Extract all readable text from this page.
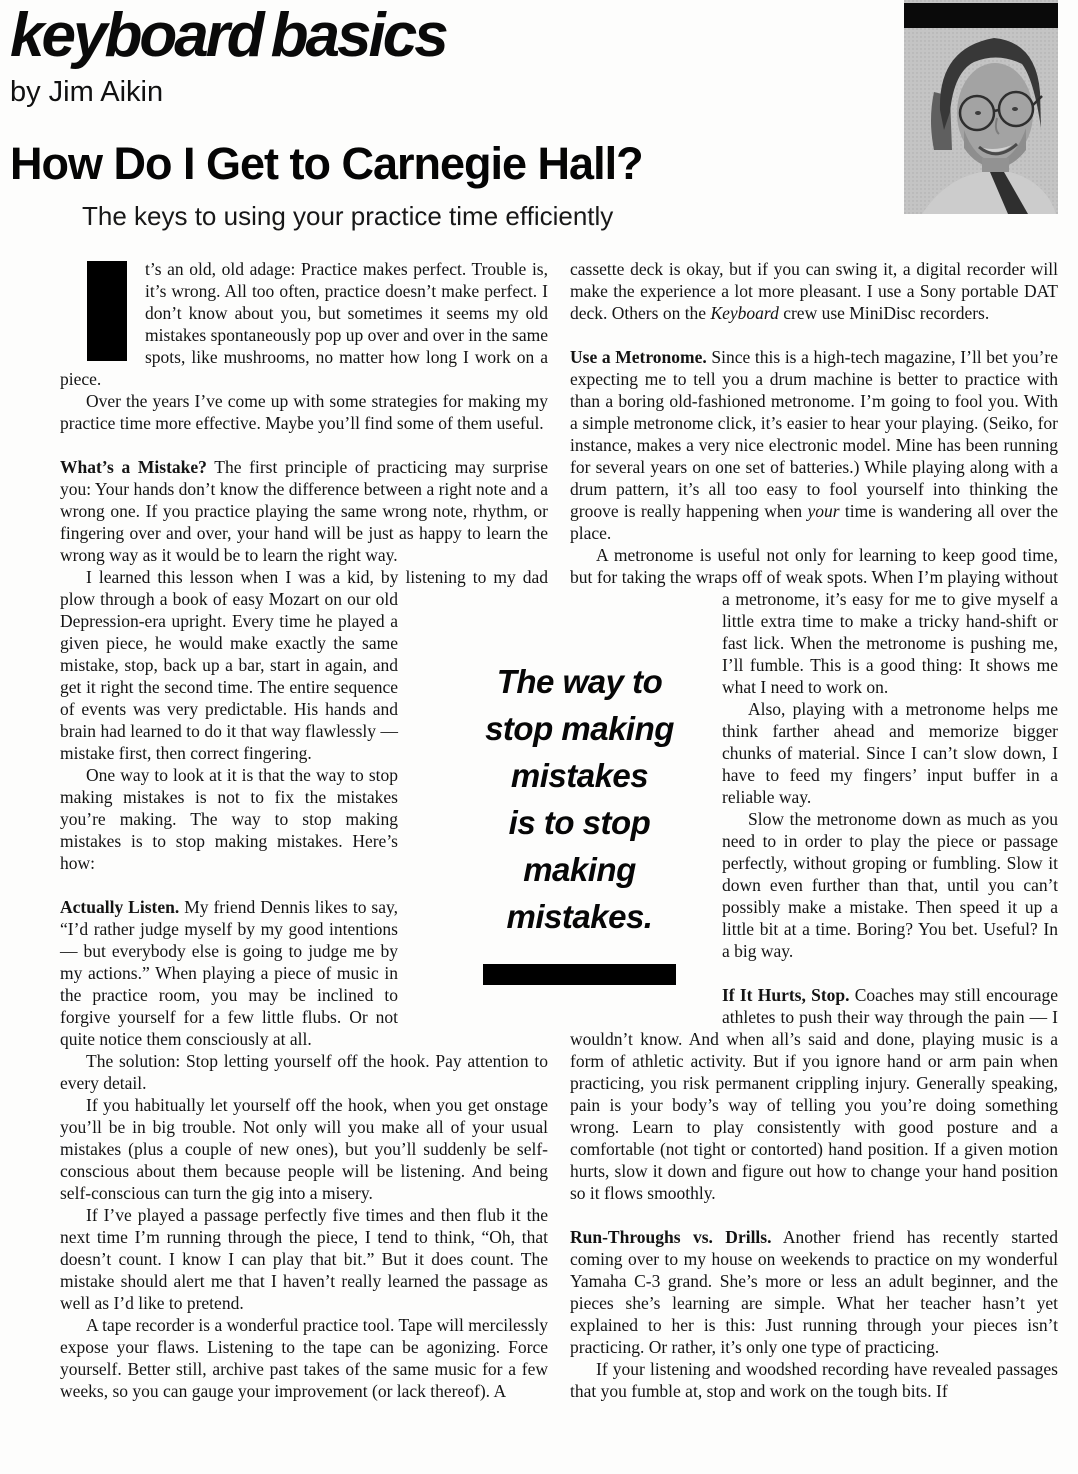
keyboard basics
by Jim Aikin
How Do I Get to Carnegie Hall?
The keys to using your practice time efficiently
The way to
stop making
mistakes
is to stop
making
mistakes.

t’s an old, old adage: Practice makes perfect. Trouble is, it’s wrong. All too often, practice doesn’t make perfect. I don’t know about you, but sometimes it seems my old mistakes spontaneously pop up over and over in the same spots, like mushrooms, no matter how long I work on a piece.

Over the years I’ve come up with some strategies for making my practice time more effective. Maybe you’ll find some of them useful.

What’s a Mistake? The first principle of practicing may surprise you: Your hands don’t know the difference between a right note and a wrong one. If you practice playing the same wrong note, rhythm, or fingering over and over, your hand will be just as happy to learn the wrong way as it would be to learn the right way.

I learned this lesson when I was a kid, by listening to my dad
plow through a book of easy Mozart on our old Depression-era upright. Every time he played a given piece, he would make exactly the same mistake, stop, back up a bar, start in again, and get it right the second time. The entire sequence of events was very predictable. His hands and brain had learned to do it that way flawlessly — mistake first, then correct fingering.

One way to look at it is that the way to stop making mistakes is not to fix the mistakes you’re making. The way to stop making mistakes is to stop making mistakes. Here’s how:

Actually Listen. My friend Dennis likes to say, “I’d rather judge myself by my good intentions — but everybody else is going to judge me by my actions.” When playing a piece of music in the practice room, you may be inclined to forgive yourself for a few little flubs. Or not quite notice them consciously at all.

The solution: Stop letting yourself off the hook. Pay attention to every detail.

If you habitually let yourself off the hook, when you get onstage you’ll be in big trouble. Not only will you make all of your usual mistakes (plus a couple of new ones), but you’ll suddenly be self-conscious about them because people will be listening. And being self-conscious can turn the gig into a misery.

If I’ve played a passage perfectly five times and then flub it the next time I’m running through the piece, I tend to think, “Oh, that doesn’t count. I know I can play that bit.” But it does count. The mistake should alert me that I haven’t really learned the passage as well as I’d like to pretend.

A tape recorder is a wonderful practice tool. Tape will mercilessly expose your flaws. Listening to the tape can be agonizing. Force yourself. Better still, archive past takes of the same music for a few weeks, so you can gauge your improvement (or lack thereof). A

cassette deck is okay, but if you can swing it, a digital recorder will make the experience a lot more pleasant. I use a Sony portable DAT deck. Others on the Keyboard crew use MiniDisc recorders.

Use a Metronome. Since this is a high-tech magazine, I’ll bet you’re expecting me to tell you a drum machine is better to practice with than a boring old-fashioned metronome. I’m going to fool you. With a simple metronome click, it’s easier to hear your playing. (Seiko, for instance, makes a very nice electronic model. Mine has been running for several years on one set of batteries.) While playing along with a drum pattern, it’s all too easy to fool yourself into thinking the groove is really happening when your time is wandering all over the place.

A metronome is useful not only for learning to keep good time, but for taking the wraps off of weak spots. When I’m playing
without a metronome, it’s easy for me to give myself a little extra time to make a tricky hand-shift or fast lick. When the metronome is pushing me, I’ll fumble. This is a good thing: It shows me what I need to work on.

Also, playing with a metronome helps me think farther ahead and memorize bigger chunks of material. Since I can’t slow down, I have to feed my fingers’ input buffer in a reliable way.

Slow the metronome down as much as you need to in order to play the piece or passage perfectly, without groping or fumbling. Slow it down even further than that, until you can’t possibly make a mistake. Then speed it up a little bit at a time. Boring? You bet. Useful? In a big way.

If It Hurts, Stop. Coaches may still encourage athletes to push their way through the pain — I wouldn’t know. And when all’s said and done, playing music is a form of athletic activity. But if you ignore hand or arm pain when practicing, you risk permanent crippling injury. Generally speaking, pain is your body’s way of telling you you’re doing something wrong. Learn to play consistently with good posture and a comfortable (not tight or contorted) hand position. If a given motion hurts, slow it down and figure out how to change your hand position so it flows smoothly.

Run-Throughs vs. Drills. Another friend has recently started coming over to my house on weekends to practice on my wonderful Yamaha C-3 grand. She’s more or less an adult beginner, and the pieces she’s learning are simple. What her teacher hasn’t yet explained to her is this: Just running through your pieces isn’t practicing. Or rather, it’s only one type of practicing.

If your listening and woodshed recording have revealed passages that you fumble at, stop and work on the tough bits. If
